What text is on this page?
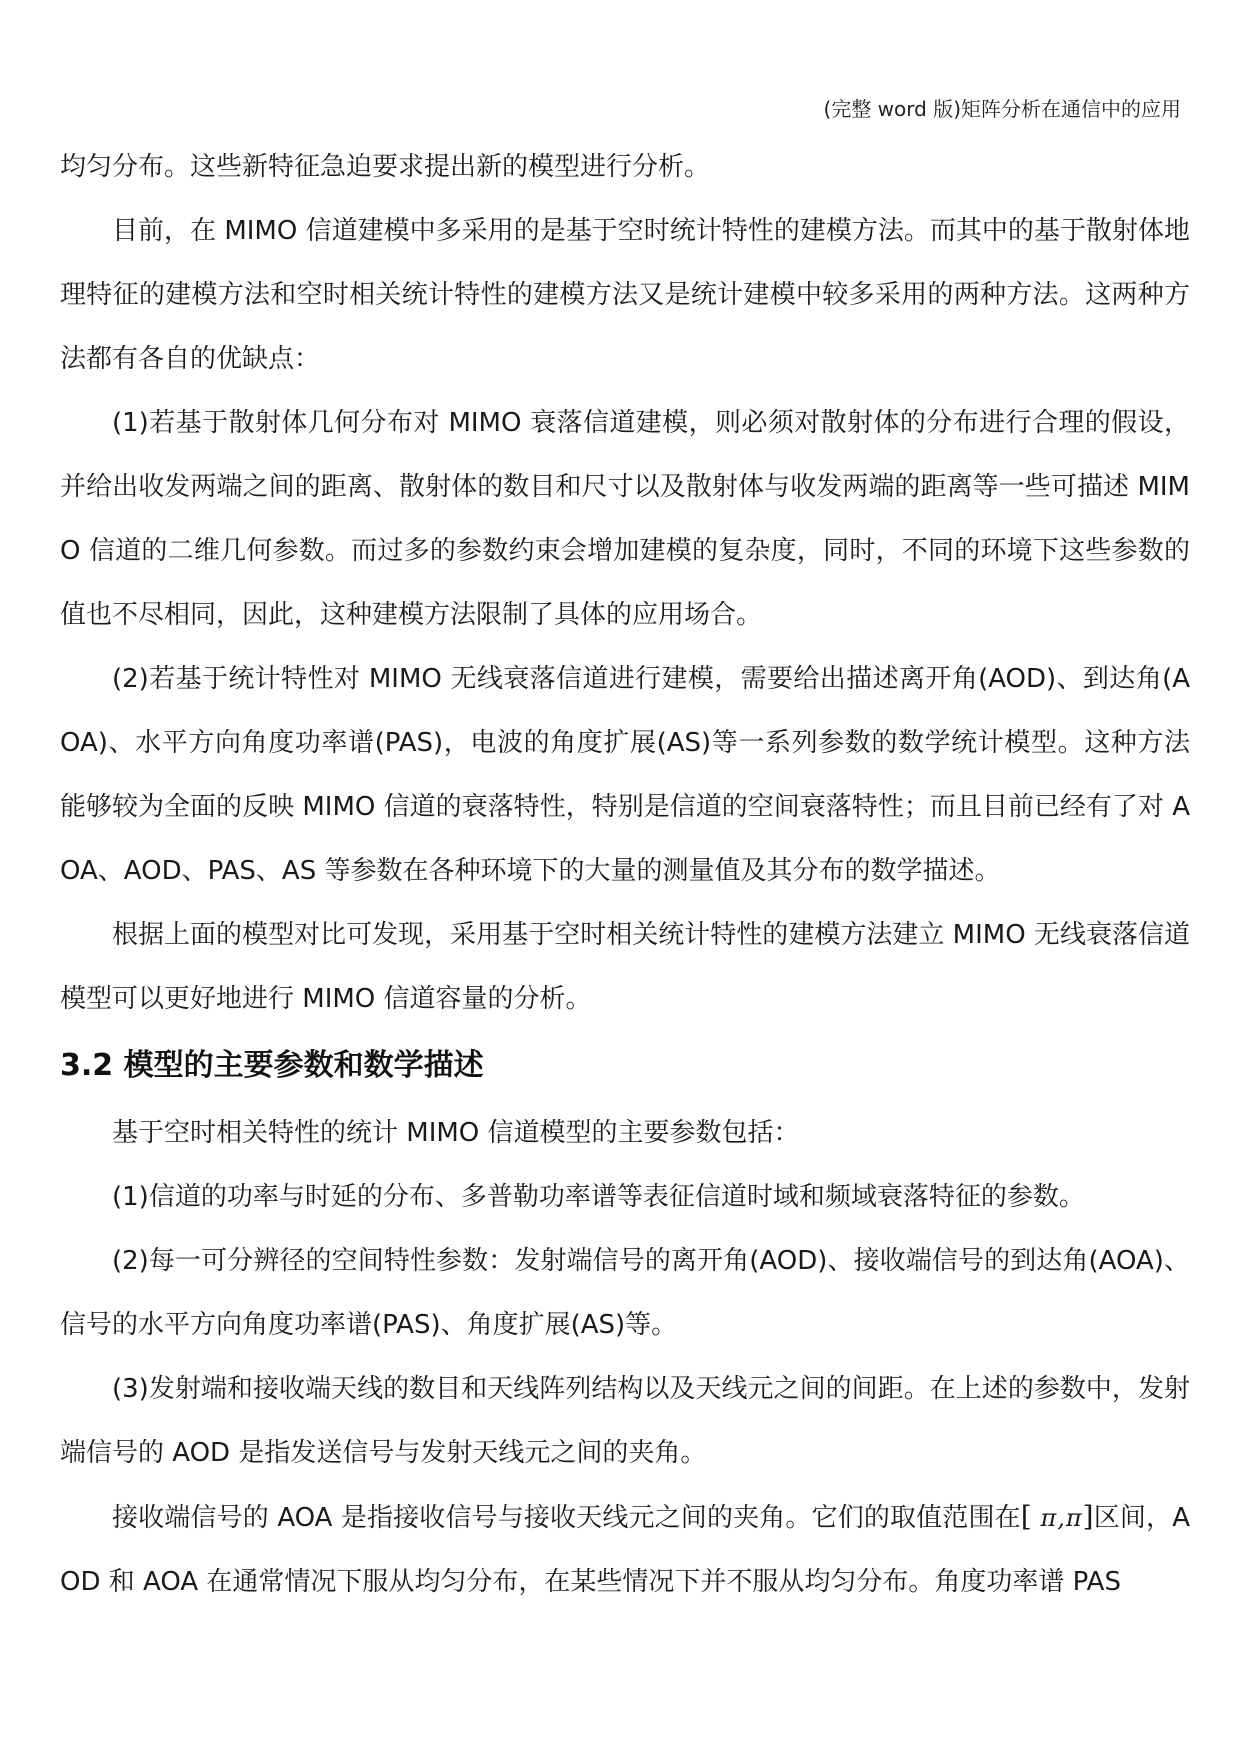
(完整 word 版)矩阵分析在通信中的应用

均匀分布。这些新特征急迫要求提出新的模型进行分析。

目前，在 MIMO 信道建模中多采用的是基于空时统计特性的建模方法。而其中的基于散射体地理特征的建模方法和空时相关统计特性的建模方法又是统计建模中较多采用的两种方法。这两种方法都有各自的优缺点：

(1)若基于散射体几何分布对 MIMO 衰落信道建模，则必须对散射体的分布进行合理的假设，并给出收发两端之间的距离、散射体的数目和尺寸以及散射体与收发两端的距离等一些可描述 MIMO 信道的二维几何参数。而过多的参数约束会增加建模的复杂度，同时，不同的环境下这些参数的值也不尽相同，因此，这种建模方法限制了具体的应用场合。

(2)若基于统计特性对 MIMO 无线衰落信道进行建模，需要给出描述离开角(AOD)、到达角(AOA)、水平方向角度功率谱(PAS)，电波的角度扩展(AS)等一系列参数的数学统计模型。这种方法能够较为全面的反映 MIMO 信道的衰落特性，特别是信道的空间衰落特性；而且目前已经有了对 AOA、AOD、PAS、AS 等参数在各种环境下的大量的测量值及其分布的数学描述。

根据上面的模型对比可发现，采用基于空时相关统计特性的建模方法建立 MIMO 无线衰落信道模型可以更好地进行 MIMO 信道容量的分析。

3.2 模型的主要参数和数学描述

基于空时相关特性的统计 MIMO 信道模型的主要参数包括：

(1)信道的功率与时延的分布、多普勒功率谱等表征信道时域和频域衰落特征的参数。

(2)每一可分辨径的空间特性参数：发射端信号的离开角(AOD)、接收端信号的到达角(AOA)、信号的水平方向角度功率谱(PAS)、角度扩展(AS)等。

(3)发射端和接收端天线的数目和天线阵列结构以及天线元之间的间距。在上述的参数中，发射端信号的 AOD 是指发送信号与发射天线元之间的夹角。

接收端信号的 AOA 是指接收信号与接收天线元之间的夹角。它们的取值范围在[ π,π]区间，AOD 和 AOA 在通常情况下服从均匀分布，在某些情况下并不服从均匀分布。角度功率谱 PAS
